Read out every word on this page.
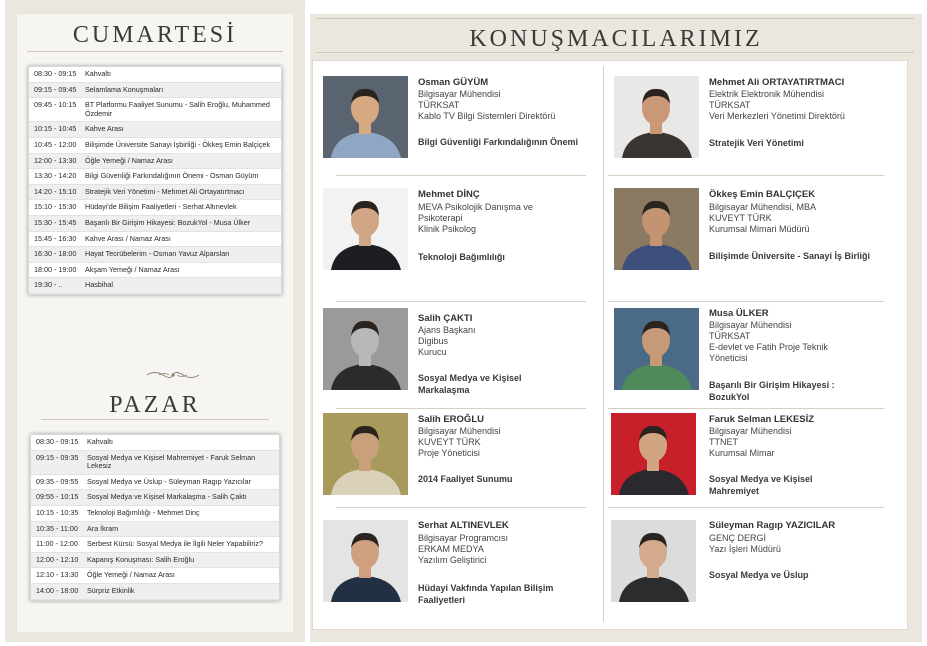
CUMARTESİ
08:30 - 09:15	Kahvaltı
09:15 - 09:45	Selamlama Konuşmaları
09:45 - 10:15	BT Platformu Faaliyet Sunumu - Salih Eroğlu, Muhammed Özdemir
10:15 - 10:45	Kahve Arası
10:45 - 12:00	Bilişimde Üniversite Sanayi İşbirliği - Ökkeş Emin Balçiçek
12:00 - 13:30	Öğle Yemeği / Namaz Arası
13:30 - 14:20	Bilgi Güvenliği Farkındalığının Önemi - Osman Güyüm
14:20 - 15:10	Stratejik Veri Yönetimi - Mehmet Ali Ortayatırtmacı
15:10 - 15:30	Hüdayi'de Bilişim Faaliyetleri - Serhat Altınevlek
15:30 - 15:45	Başarılı Bir Girişim Hikayesi: BozukYol - Musa Ülker
15:45 - 16:30	Kahve Arası / Namaz Arası
16:30 - 18:00	Hayat Tecrübelerim - Osman Yavuz Alparslan
18:00 - 19:00	Akşam Yemeği / Namaz Arası
19:30 - ..	Hasbihal
PAZAR
08:30 - 09:15	Kahvaltı
09:15 - 09:35	Sosyal Medya ve Kişisel Mahremiyet - Faruk Selman Lekesiz
09:35 - 09:55	Sosyal Medya ve Üslup - Süleyman Ragıp Yazıcılar
09:55 - 10:15	Sosyal Medya ve Kişisel Markalaşma - Salih Çaktı
10:15 - 10:35	Teknoloji Bağımlılığı - Mehmet Dinç
10:35 - 11:00	Ara İkram
11:00 - 12:00	Serbest Kürsü: Sosyal Medya ile İlgili Neler Yapabiliriz?
12:00 - 12:10	Kapanış Konuşması: Salih Eroğlu
12:10 - 13:30	Öğle Yemeği / Namaz Arası
14:00 - 18:00	Sürpriz Etkinlik
KONUŞMACILARIMIZ
Osman GÜYÜM
Bilgisayar Mühendisi
TÜRKSAT
Kablo TV Bilgi Sistemleri Direktörü
Bilgi Güvenliği Farkındalığının Önemi
Mehmet Ali ORTAYATIRTMACI
Elektrik Elektronik Mühendisi
TÜRKSAT
Veri Merkezleri Yönetimi Direktörü
Stratejik Veri Yönetimi
Mehmet DİNÇ
MEVA Psikolojik Danışma ve
Psikoterapi
Klinik Psikolog
Teknoloji Bağımlılığı
Ökkeş Emin BALÇIÇEK
Bilgisayar Mühendisi, MBA
KUVEYT TÜRK
Kurumsal Mimari Müdürü
Bilişimde Üniversite - Sanayi İş Birliği
Salih ÇAKTI
Ajans Başkanı
Digibus
Kurucu
Sosyal Medya ve Kişisel Markalaşma
Musa ÜLKER
Bilgisayar Mühendisi
TÜRKSAT
E-devlet ve Fatih Proje Teknik
Yöneticisi
Başarılı Bir Girişim Hikayesi : BozukYol
Salih EROĞLU
Bilgisayar Mühendisi
KUVEYT TÜRK
Proje Yöneticisi
2014 Faaliyet Sunumu
Faruk Selman LEKESİZ
Bilgisayar Mühendisi
TTNET
Kurumsal Mimar
Sosyal Medya ve Kişisel Mahremiyet
Serhat ALTINEVLEK
Bilgisayar Programcısı
ERKAM MEDYA
Yazılım Geliştirici
Hüdayi Vakfında Yapılan Bilişim Faaliyetleri
Süleyman Ragıp YAZICILAR
GENÇ DERGİ
Yazı İşleri Müdürü
Sosyal Medya ve Üslup
